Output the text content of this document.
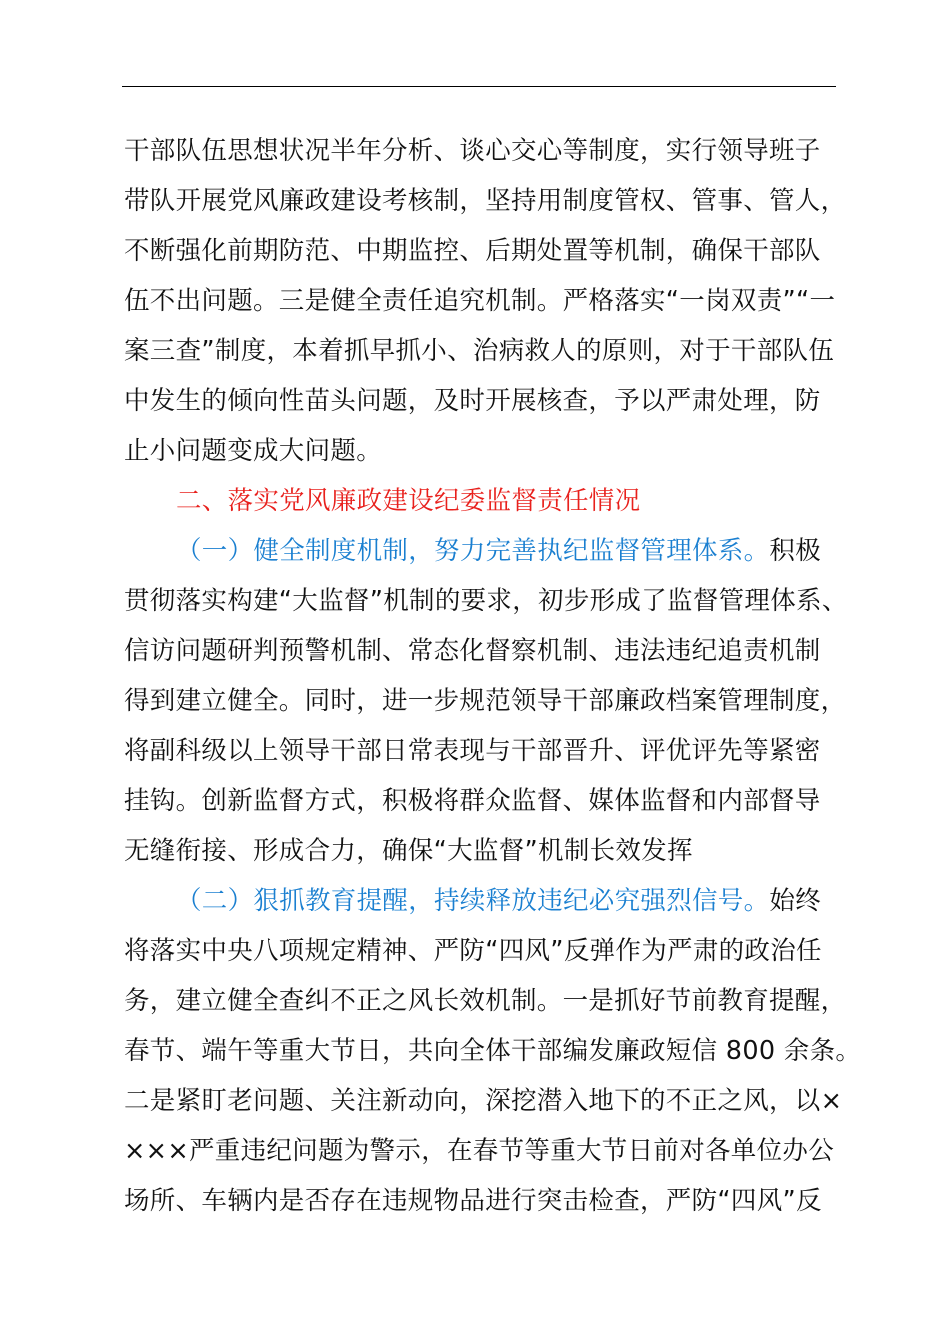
干部队伍思想状况半年分析、谈心交心等制度，实行领导班子
带队开展党风廉政建设考核制，坚持用制度管权、管事、管人，
不断强化前期防范、中期监控、后期处置等机制，确保干部队
伍不出问题。三是健全责任追究机制。严格落实“一岗双责”“一
案三查”制度，本着抓早抓小、治病救人的原则，对于干部队伍
中发生的倾向性苗头问题，及时开展核查，予以严肃处理，防
止小问题变成大问题。
二、落实党风廉政建设纪委监督责任情况
（一）健全制度机制，努力完善执纪监督管理体系。积极
贯彻落实构建“大监督”机制的要求，初步形成了监督管理体系、
信访问题研判预警机制、常态化督察机制、违法违纪追责机制
得到建立健全。同时，进一步规范领导干部廉政档案管理制度，
将副科级以上领导干部日常表现与干部晋升、评优评先等紧密
挂钩。创新监督方式，积极将群众监督、媒体监督和内部督导
无缝衔接、形成合力，确保“大监督”机制长效发挥
（二）狠抓教育提醒，持续释放违纪必究强烈信号。始终
将落实中央八项规定精神、严防“四风”反弹作为严肃的政治任
务，建立健全查纠不正之风长效机制。一是抓好节前教育提醒，
春节、端午等重大节日，共向全体干部编发廉政短信 800 余条。
二是紧盯老问题、关注新动向，深挖潜入地下的不正之风，以×
×××严重违纪问题为警示，在春节等重大节日前对各单位办公
场所、车辆内是否存在违规物品进行突击检查，严防“四风”反
